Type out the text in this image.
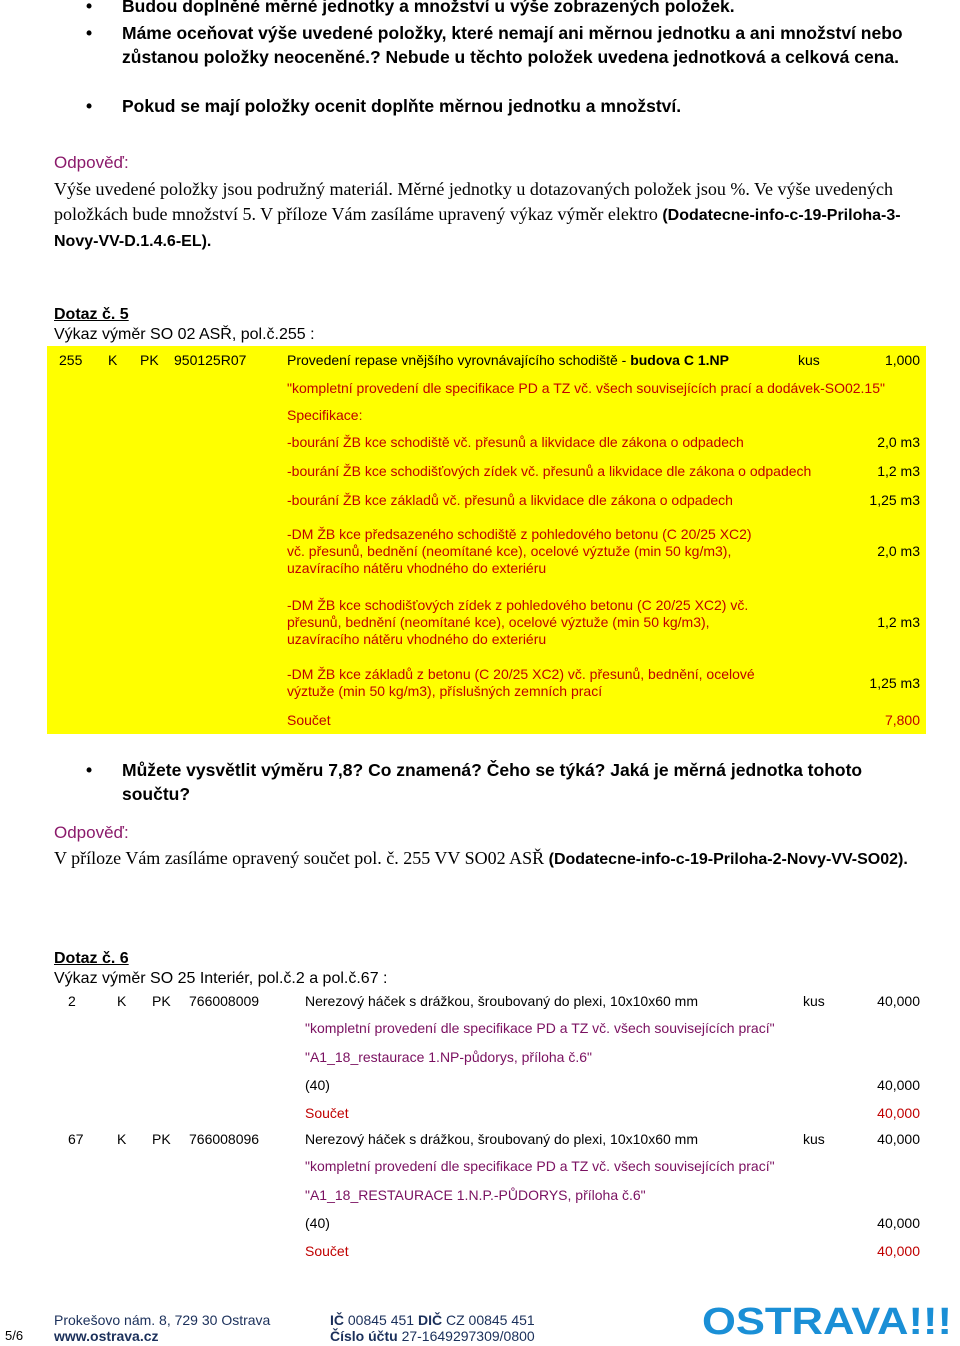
• Budou doplněné měrné jednotky a množství u výše zobrazených položek.
• Máme oceňovat výše uvedené položky, které nemají ani měrnou jednotku a ani množství nebo zůstanou položky neoceněné.? Nebude u těchto položek uvedena jednotková a celková cena.
• Pokud se mají položky ocenit doplňte měrnou jednotku a množství.
Odpověď:
Výše uvedené položky jsou podružný materiál. Měrné jednotky u dotazovaných položek jsou %. Ve výše uvedených položkách bude množství 5. V příloze Vám zasíláme upravený výkaz výměr elektro (Dodatecne-info-c-19-Priloha-3-Novy-VV-D.1.4.6-EL).
Dotaz č. 5
Výkaz výměr SO 02 ASŘ, pol.č.255 :
255 K PK 950125R07	Provedení repase vnějšího vyrovnávajícího schodiště - budova C 1.NP	kus	1,000
"kompletní provedení dle specifikace PD a TZ vč. všech souvisejících prací a dodávek-SO02.15"
Specifikace:
-bourání ŽB kce schodiště vč. přesunů a likvidace dle zákona o odpadech	2,0 m3
-bourání ŽB kce schodišťových zídek vč. přesunů a likvidace dle zákona o odpadech	1,2 m3
-bourání ŽB kce základů vč. přesunů a likvidace dle zákona o odpadech	1,25 m3
-DM ŽB kce předsazeného schodiště z pohledového betonu (C 20/25 XC2)
vč. přesunů, bednění (neomítané kce), ocelové výztuže (min 50 kg/m3),
uzavíracího nátěru vhodného do exteriéru
2,0 m3
-DM ŽB kce schodišťových zídek z pohledového betonu (C 20/25 XC2) vč.
přesunů, bednění (neomítané kce), ocelové výztuže (min 50 kg/m3),
uzavíracího nátěru vhodného do exteriéru
1,2 m3
-DM ŽB kce základů z betonu (C 20/25 XC2) vč. přesunů, bednění, ocelové
výztuže (min 50 kg/m3), příslušných zemních prací
1,25 m3
Součet	7,800
• Můžete vysvětlit výměru 7,8? Co znamená? Čeho se týká? Jaká je měrná jednotka tohoto součtu?
Odpověď:
V příloze Vám zasíláme opravený součet pol. č. 255 VV SO02 ASŘ (Dodatecne-info-c-19-Priloha-2-Novy-VV-SO02).
Dotaz č. 6
Výkaz výměr SO 25 Interiér, pol.č.2 a pol.č.67 :
2	K PK 766008009	Nerezový háček s drážkou, šroubovaný do plexi, 10x10x60 mm	kus	40,000
"kompletní provedení dle specifikace PD a TZ vč. všech souvisejících prací"
"A1_18_restaurace 1.NP-půdorys, příloha č.6"
(40)	40,000
Součet	40,000
67 K PK 766008096	Nerezový háček s drážkou, šroubovaný do plexi, 10x10x60 mm	kus	40,000
"kompletní provedení dle specifikace PD a TZ vč. všech souvisejících prací"
"A1_18_RESTAURACE 1.N.P.-PŮDORYS, příloha č.6"
(40)	40,000
Součet	40,000
5/6
Prokešovo nám. 8, 729 30 Ostrava
www.ostrava.cz
IČ 00845 451 DIČ CZ 00845 451
Číslo účtu 27-1649297309/0800	OSTRAVA!!!
